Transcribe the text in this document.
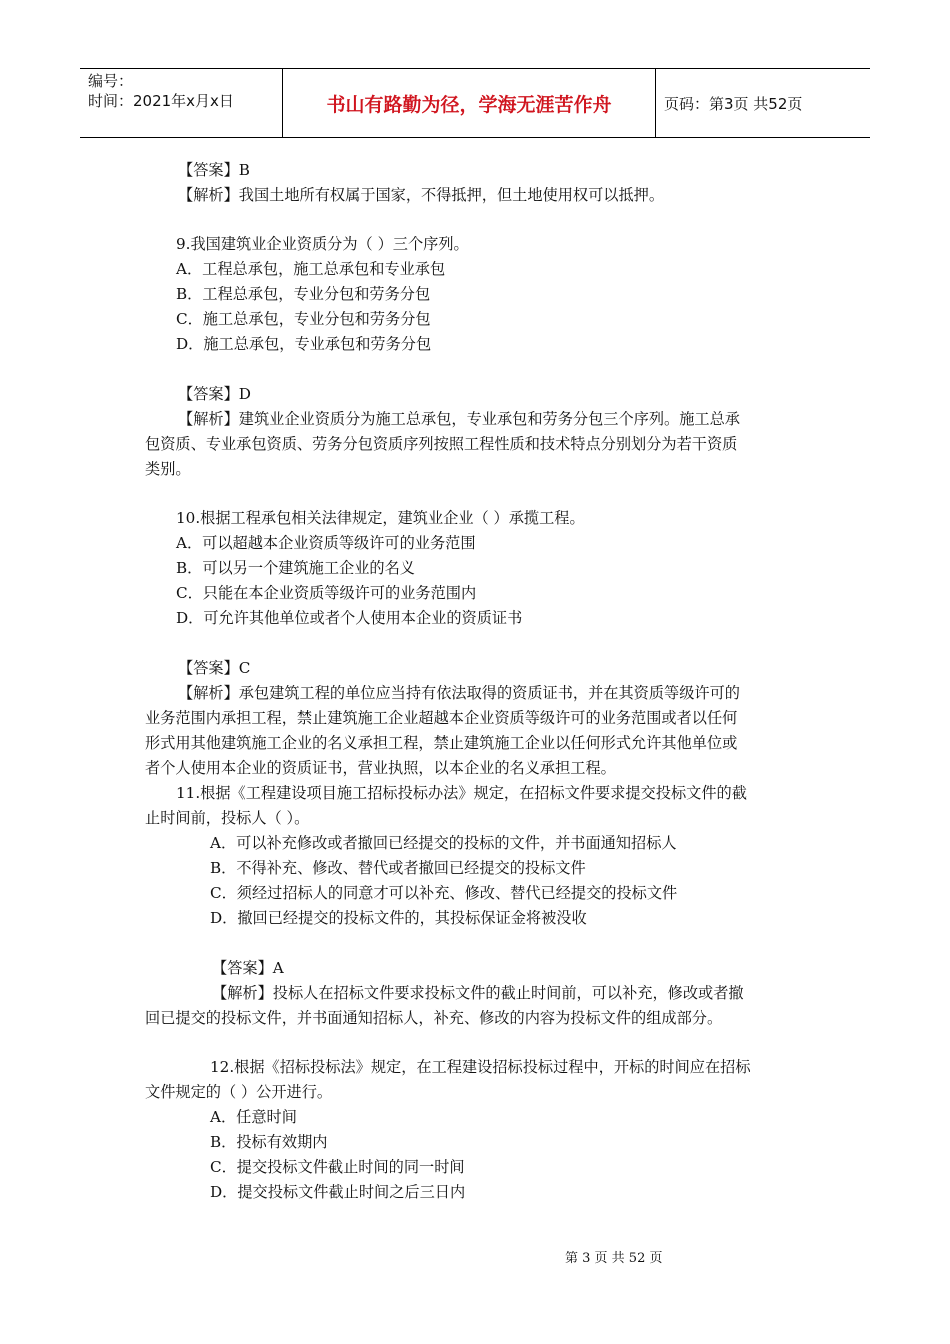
编号：
时间：2021年x月x日	书山有路勤为径，学海无涯苦作舟	页码：第3页 共52页
【答案】B
【解析】我国土地所有权属于国家，不得抵押，但土地使用权可以抵押。
9.我国建筑业企业资质分为（ ）三个序列。
A．工程总承包，施工总承包和专业承包
B．工程总承包，专业分包和劳务分包
C．施工总承包，专业分包和劳务分包
D．施工总承包，专业承包和劳务分包
【答案】D
【解析】建筑业企业资质分为施工总承包，专业承包和劳务分包三个序列。施工总承
包资质、专业承包资质、劳务分包资质序列按照工程性质和技术特点分别划分为若干资质
类别。
10.根据工程承包相关法律规定，建筑业企业（ ）承揽工程。
A．可以超越本企业资质等级许可的业务范围
B．可以另一个建筑施工企业的名义
C．只能在本企业资质等级许可的业务范围内
D．可允许其他单位或者个人使用本企业的资质证书
【答案】C
【解析】承包建筑工程的单位应当持有依法取得的资质证书，并在其资质等级许可的
业务范围内承担工程，禁止建筑施工企业超越本企业资质等级许可的业务范围或者以任何
形式用其他建筑施工企业的名义承担工程，禁止建筑施工企业以任何形式允许其他单位或
者个人使用本企业的资质证书，营业执照，以本企业的名义承担工程。
11.根据《工程建设项目施工招标投标办法》规定，在招标文件要求提交投标文件的截
止时间前，投标人（ ）。
A．可以补充修改或者撤回已经提交的投标的文件，并书面通知招标人
B．不得补充、修改、替代或者撤回已经提交的投标文件
C．须经过招标人的同意才可以补充、修改、替代已经提交的投标文件
D．撤回已经提交的投标文件的，其投标保证金将被没收
【答案】A
【解析】投标人在招标文件要求投标文件的截止时间前，可以补充，修改或者撤
回已提交的投标文件，并书面通知招标人，补充、修改的内容为投标文件的组成部分。
12.根据《招标投标法》规定，在工程建设招标投标过程中，开标的时间应在招标
文件规定的（ ）公开进行。
A．任意时间
B．投标有效期内
C．提交投标文件截止时间的同一时间
D．提交投标文件截止时间之后三日内
第 3 页 共 52 页
